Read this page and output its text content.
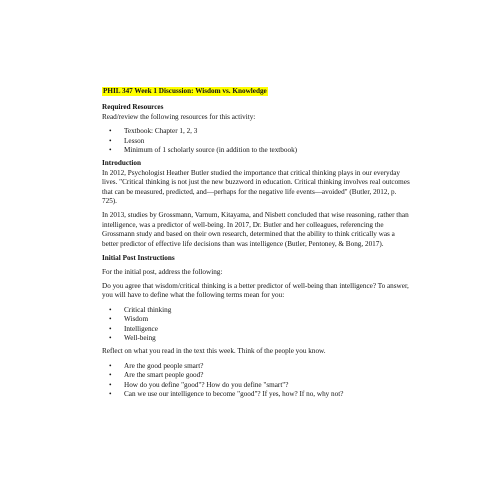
PHIL 347 Week 1 Discussion: Wisdom vs. Knowledge
Required Resources

Read/review the following resources for this activity:

• Textbook: Chapter 1, 2, 3
• Lesson
• Minimum of 1 scholarly source (in addition to the textbook)
Introduction

In 2012, Psychologist Heather Butler studied the importance that critical thinking plays in our everyday lives. "Critical thinking is not just the new buzzword in education. Critical thinking involves real outcomes that can be measured, predicted, and—perhaps for the negative life events—avoided" (Butler, 2012, p. 725).

In 2013, studies by Grossmann, Varnum, Kitayama, and Nisbett concluded that wise reasoning, rather than intelligence, was a predictor of well-being. In 2017, Dr. Butler and her colleagues, referencing the Grossmann study and based on their own research, determined that the ability to think critically was a better predictor of effective life decisions than was intelligence (Butler, Pentoney, & Bong, 2017).

Initial Post Instructions

For the initial post, address the following:

Do you agree that wisdom/critical thinking is a better predictor of well-being than intelligence? To answer, you will have to define what the following terms mean for you:

• Critical thinking
• Wisdom
• Intelligence
• Well-being

Reflect on what you read in the text this week. Think of the people you know.

• Are the good people smart?
• Are the smart people good?
• How do you define "good"? How do you define "smart"?
• Can we use our intelligence to become "good"? If yes, how? If no, why not?
